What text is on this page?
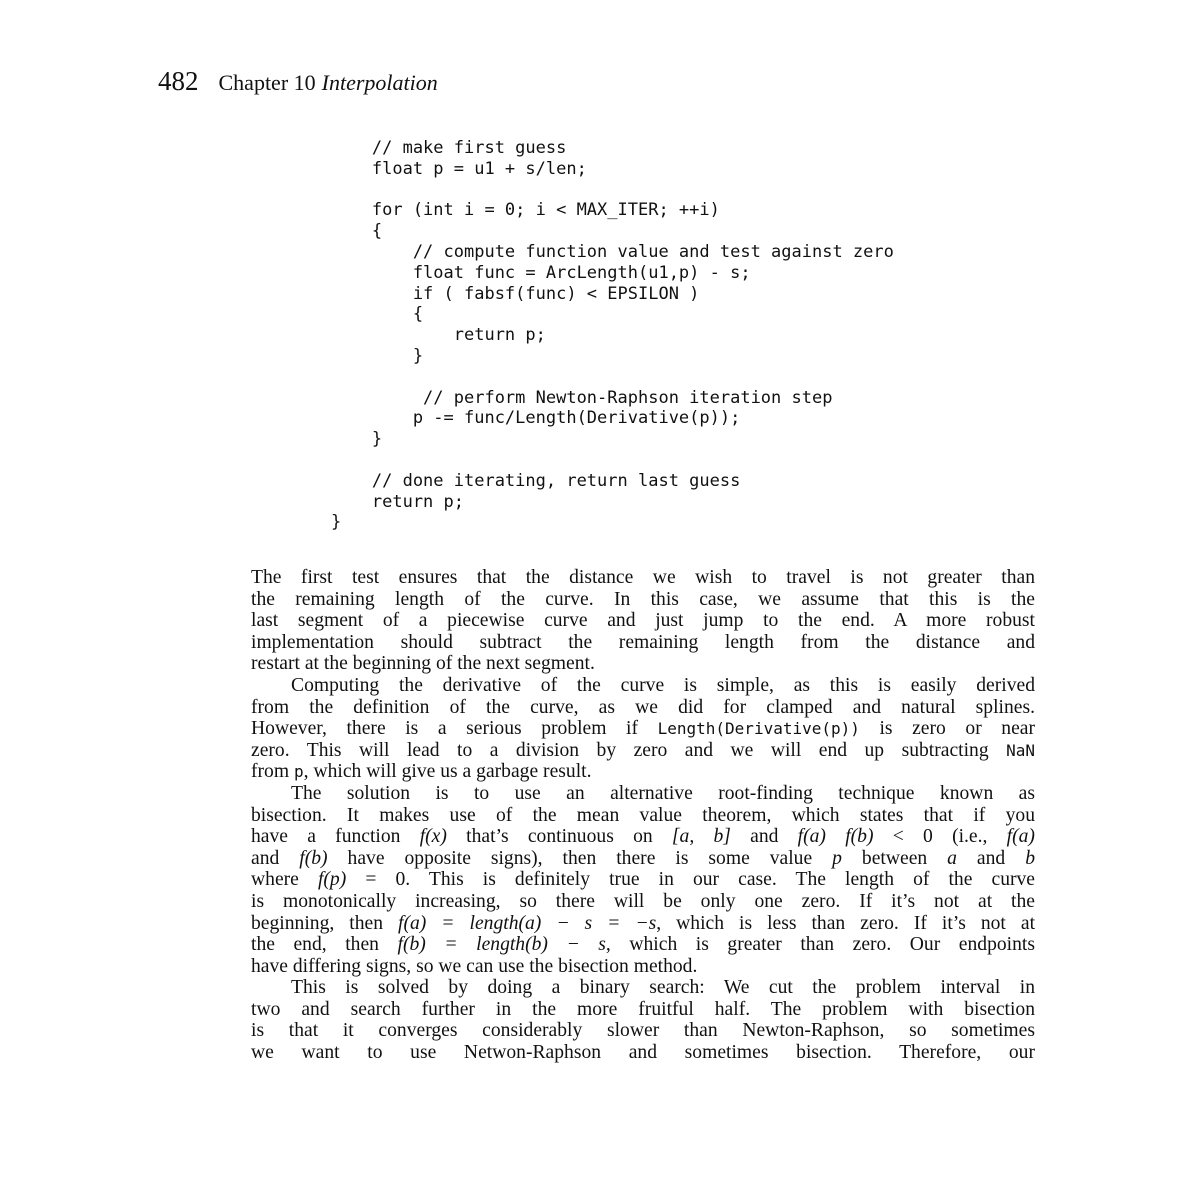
482 Chapter 10 Interpolation
// make first guess
float p = u1 + s/len;
for (int i = 0; i < MAX_ITER; ++i)
{
// compute function value and test against zero
float func = ArcLength(u1,p) - s;
if ( fabsf(func) < EPSILON )
{
return p;
}
// perform Newton-Raphson iteration step
p -= func/Length(Derivative(p));
}
// done iterating, return last guess
return p;
}

The first test ensures that the distance we wish to travel is not greater than
the remaining length of the curve. In this case, we assume that this is the
last segment of a piecewise curve and just jump to the end. A more robust
implementation should subtract the remaining length from the distance and
restart at the beginning of the next segment.

Computing the derivative of the curve is simple, as this is easily derived
from the definition of the curve, as we did for clamped and natural splines.
However, there is a serious problem if Length(Derivative(p)) is zero or near
zero. This will lead to a division by zero and we will end up subtracting NaN
from p, which will give us a garbage result.

The solution is to use an alternative root-finding technique known as
bisection. It makes use of the mean value theorem, which states that if you
have a function f(x) that’s continuous on [a, b] and f(a) f(b) < 0 (i.e., f(a)
and f(b) have opposite signs), then there is some value p between a and b
where f(p) = 0. This is definitely true in our case. The length of the curve
is monotonically increasing, so there will be only one zero. If it’s not at the
beginning, then f(a) = length(a) − s = −s, which is less than zero. If it’s not at
the end, then f(b) = length(b) − s, which is greater than zero. Our endpoints
have differing signs, so we can use the bisection method.

This is solved by doing a binary search: We cut the problem interval in
two and search further in the more fruitful half. The problem with bisection
is that it converges considerably slower than Newton-Raphson, so sometimes
we want to use Netwon-Raphson and sometimes bisection. Therefore, our
